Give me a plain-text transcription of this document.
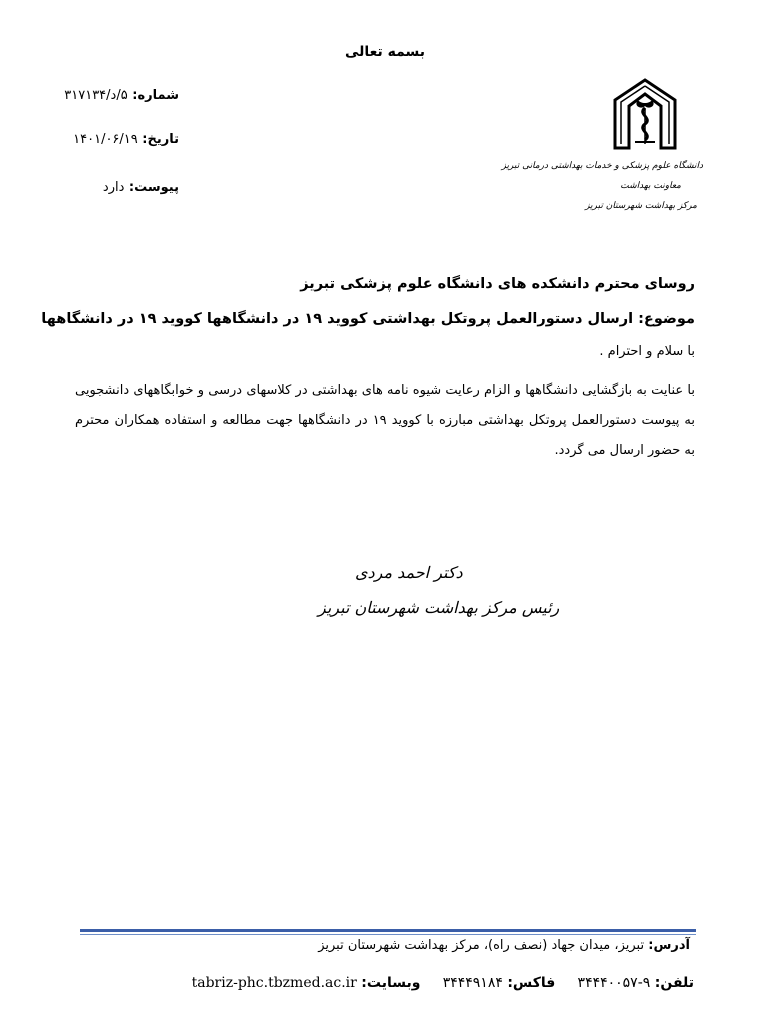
بسمه تعالی
شماره: ۵/د/۳۱۷۱۳۴
تاریخ: ۱۴۰۱/۰۶/۱۹
پیوست: دارد
دانشگاه علوم پزشکی و خدمات بهداشتی درمانی تبریز
معاونت بهداشت
مرکز بهداشت شهرستان تبریز
روسای محترم دانشکده های دانشگاه علوم پزشکی تبریز
موضوع: ارسال دستورالعمل پروتکل بهداشتی کووید ۱۹ در دانشگاهها کووید ۱۹ در دانشگاهها
با سلام و احترام .
با عنایت به بازگشایی دانشگاهها و الزام رعایت شیوه نامه های بهداشتی در کلاسهای درسی و خوابگاههای دانشجویی به پیوست دستورالعمل پروتکل بهداشتی مبارزه با کووید ۱۹ در دانشگاهها جهت مطالعه و استفاده همکاران محترم به حضور ارسال می گردد.
دکتر احمد مردی
رئیس مرکز بهداشت شهرستان تبریز
آدرس: تبریز، میدان جهاد (نصف راه)، مرکز بهداشت شهرستان تبریز
تلفن: ۹-۳۴۴۴۰۰۵۷     فاکس: ۳۴۴۴۹۱۸۴     وبسایت: tabriz-phc.tbzmed.ac.ir
